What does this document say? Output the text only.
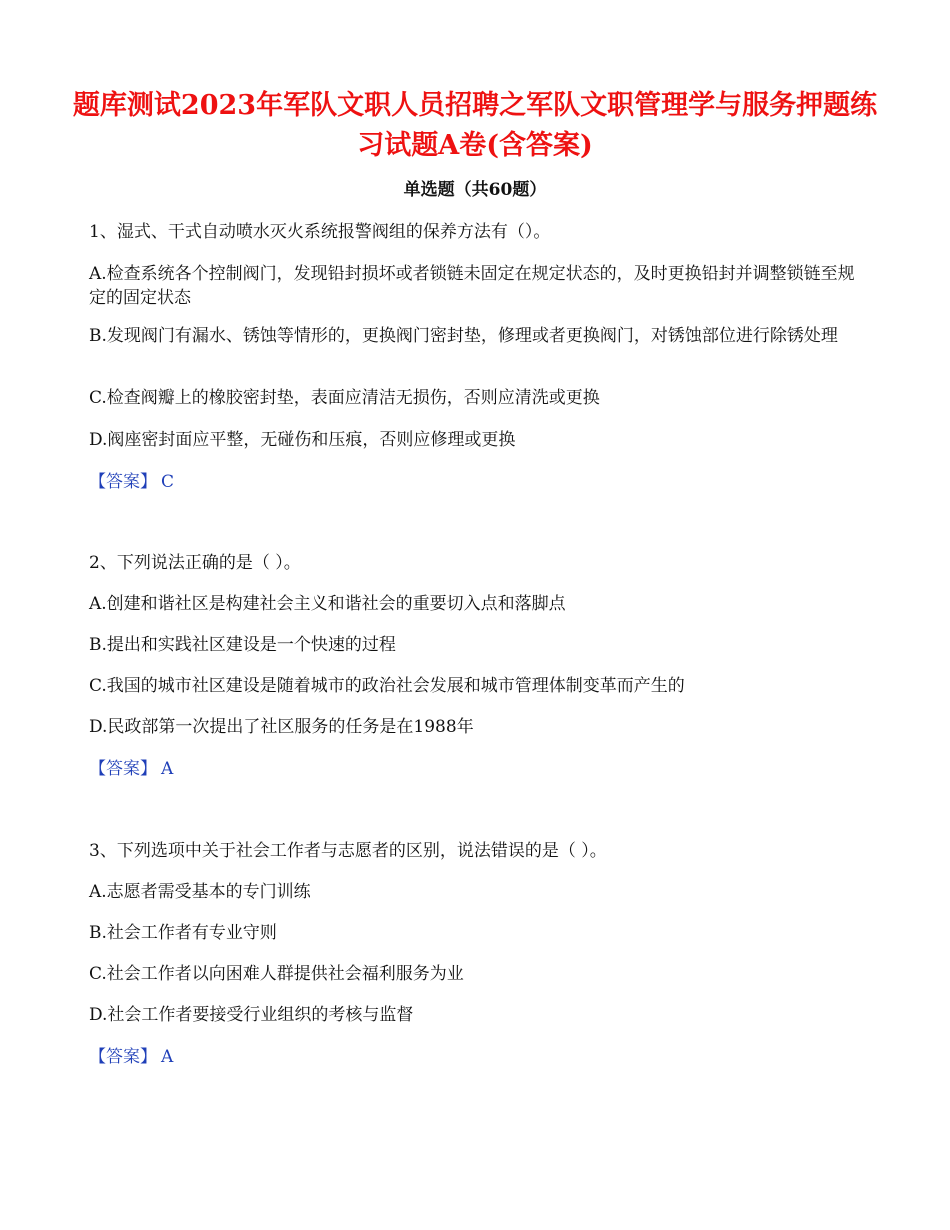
题库测试2023年军队文职人员招聘之军队文职管理学与服务押题练习试题A卷(含答案)
单选题（共60题）

1、湿式、干式自动喷水灭火系统报警阀组的保养方法有（）。

A.检查系统各个控制阀门，发现铅封损坏或者锁链未固定在规定状态的，及时更换铅封并调整锁链至规定的固定状态

B.发现阀门有漏水、锈蚀等情形的，更换阀门密封垫，修理或者更换阀门，对锈蚀部位进行除锈处理

C.检查阀瓣上的橡胶密封垫，表面应清洁无损伤，否则应清洗或更换

D.阀座密封面应平整，无碰伤和压痕，否则应修理或更换

【答案】 C

2、下列说法正确的是（ ）。

A.创建和谐社区是构建社会主义和谐社会的重要切入点和落脚点

B.提出和实践社区建设是一个快速的过程

C.我国的城市社区建设是随着城市的政治社会发展和城市管理体制变革而产生的

D.民政部第一次提出了社区服务的任务是在1988年

【答案】 A

3、下列选项中关于社会工作者与志愿者的区别，说法错误的是（ ）。

A.志愿者需受基本的专门训练

B.社会工作者有专业守则

C.社会工作者以向困难人群提供社会福利服务为业

D.社会工作者要接受行业组织的考核与监督

【答案】 A
